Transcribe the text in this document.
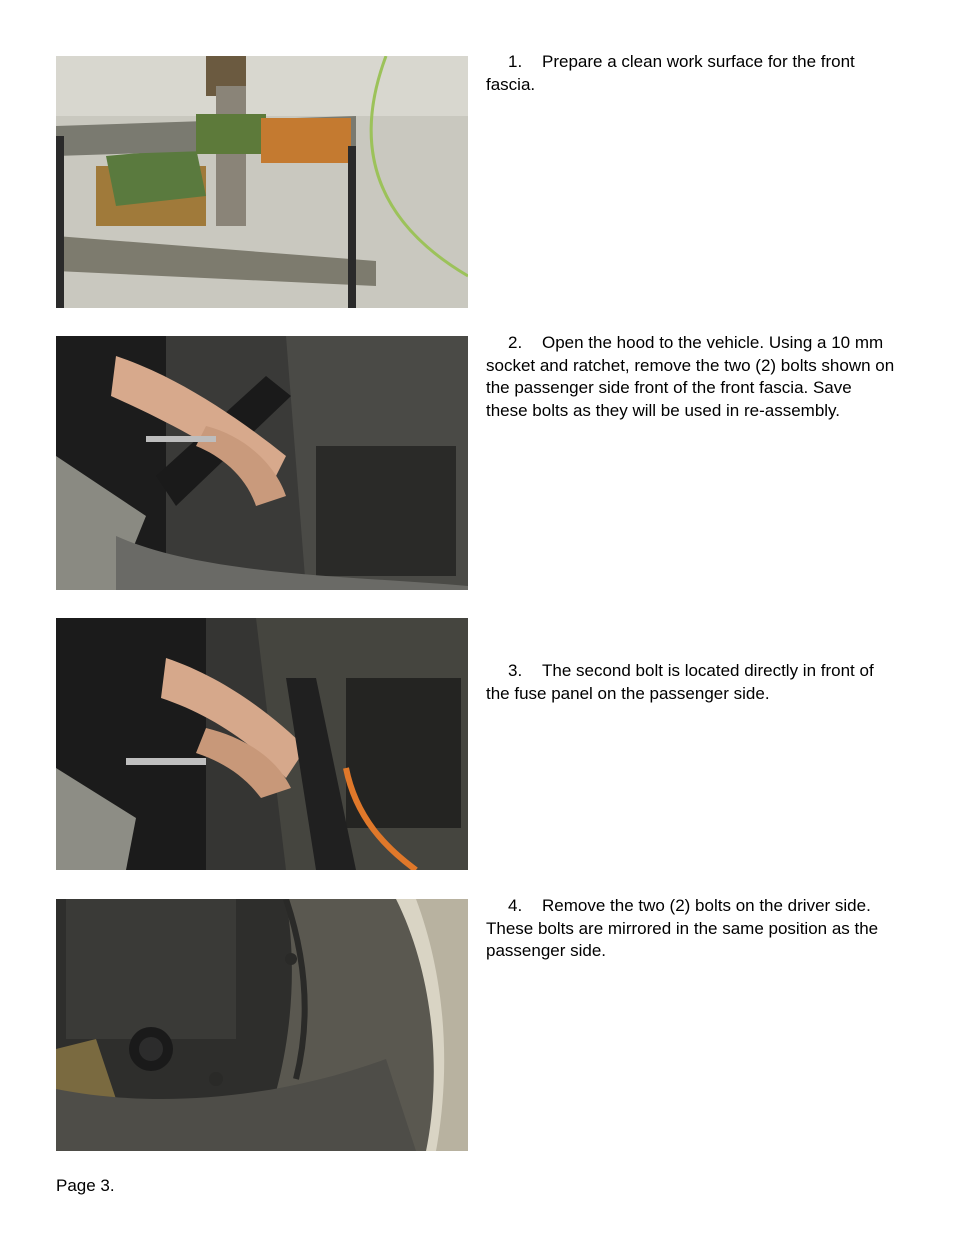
1. Prepare a clean work surface for the front fascia.

2. Open the hood to the vehicle. Using a 10 mm socket and ratchet, remove the two (2) bolts shown on the passenger side front of the front fascia. Save these bolts as they will be used in re-assembly.

3. The second bolt is located directly in front of the fuse panel on the passenger side.

4. Remove the two (2) bolts on the driver side. These bolts are mirrored in the same position as the passenger side.

Page 3.
